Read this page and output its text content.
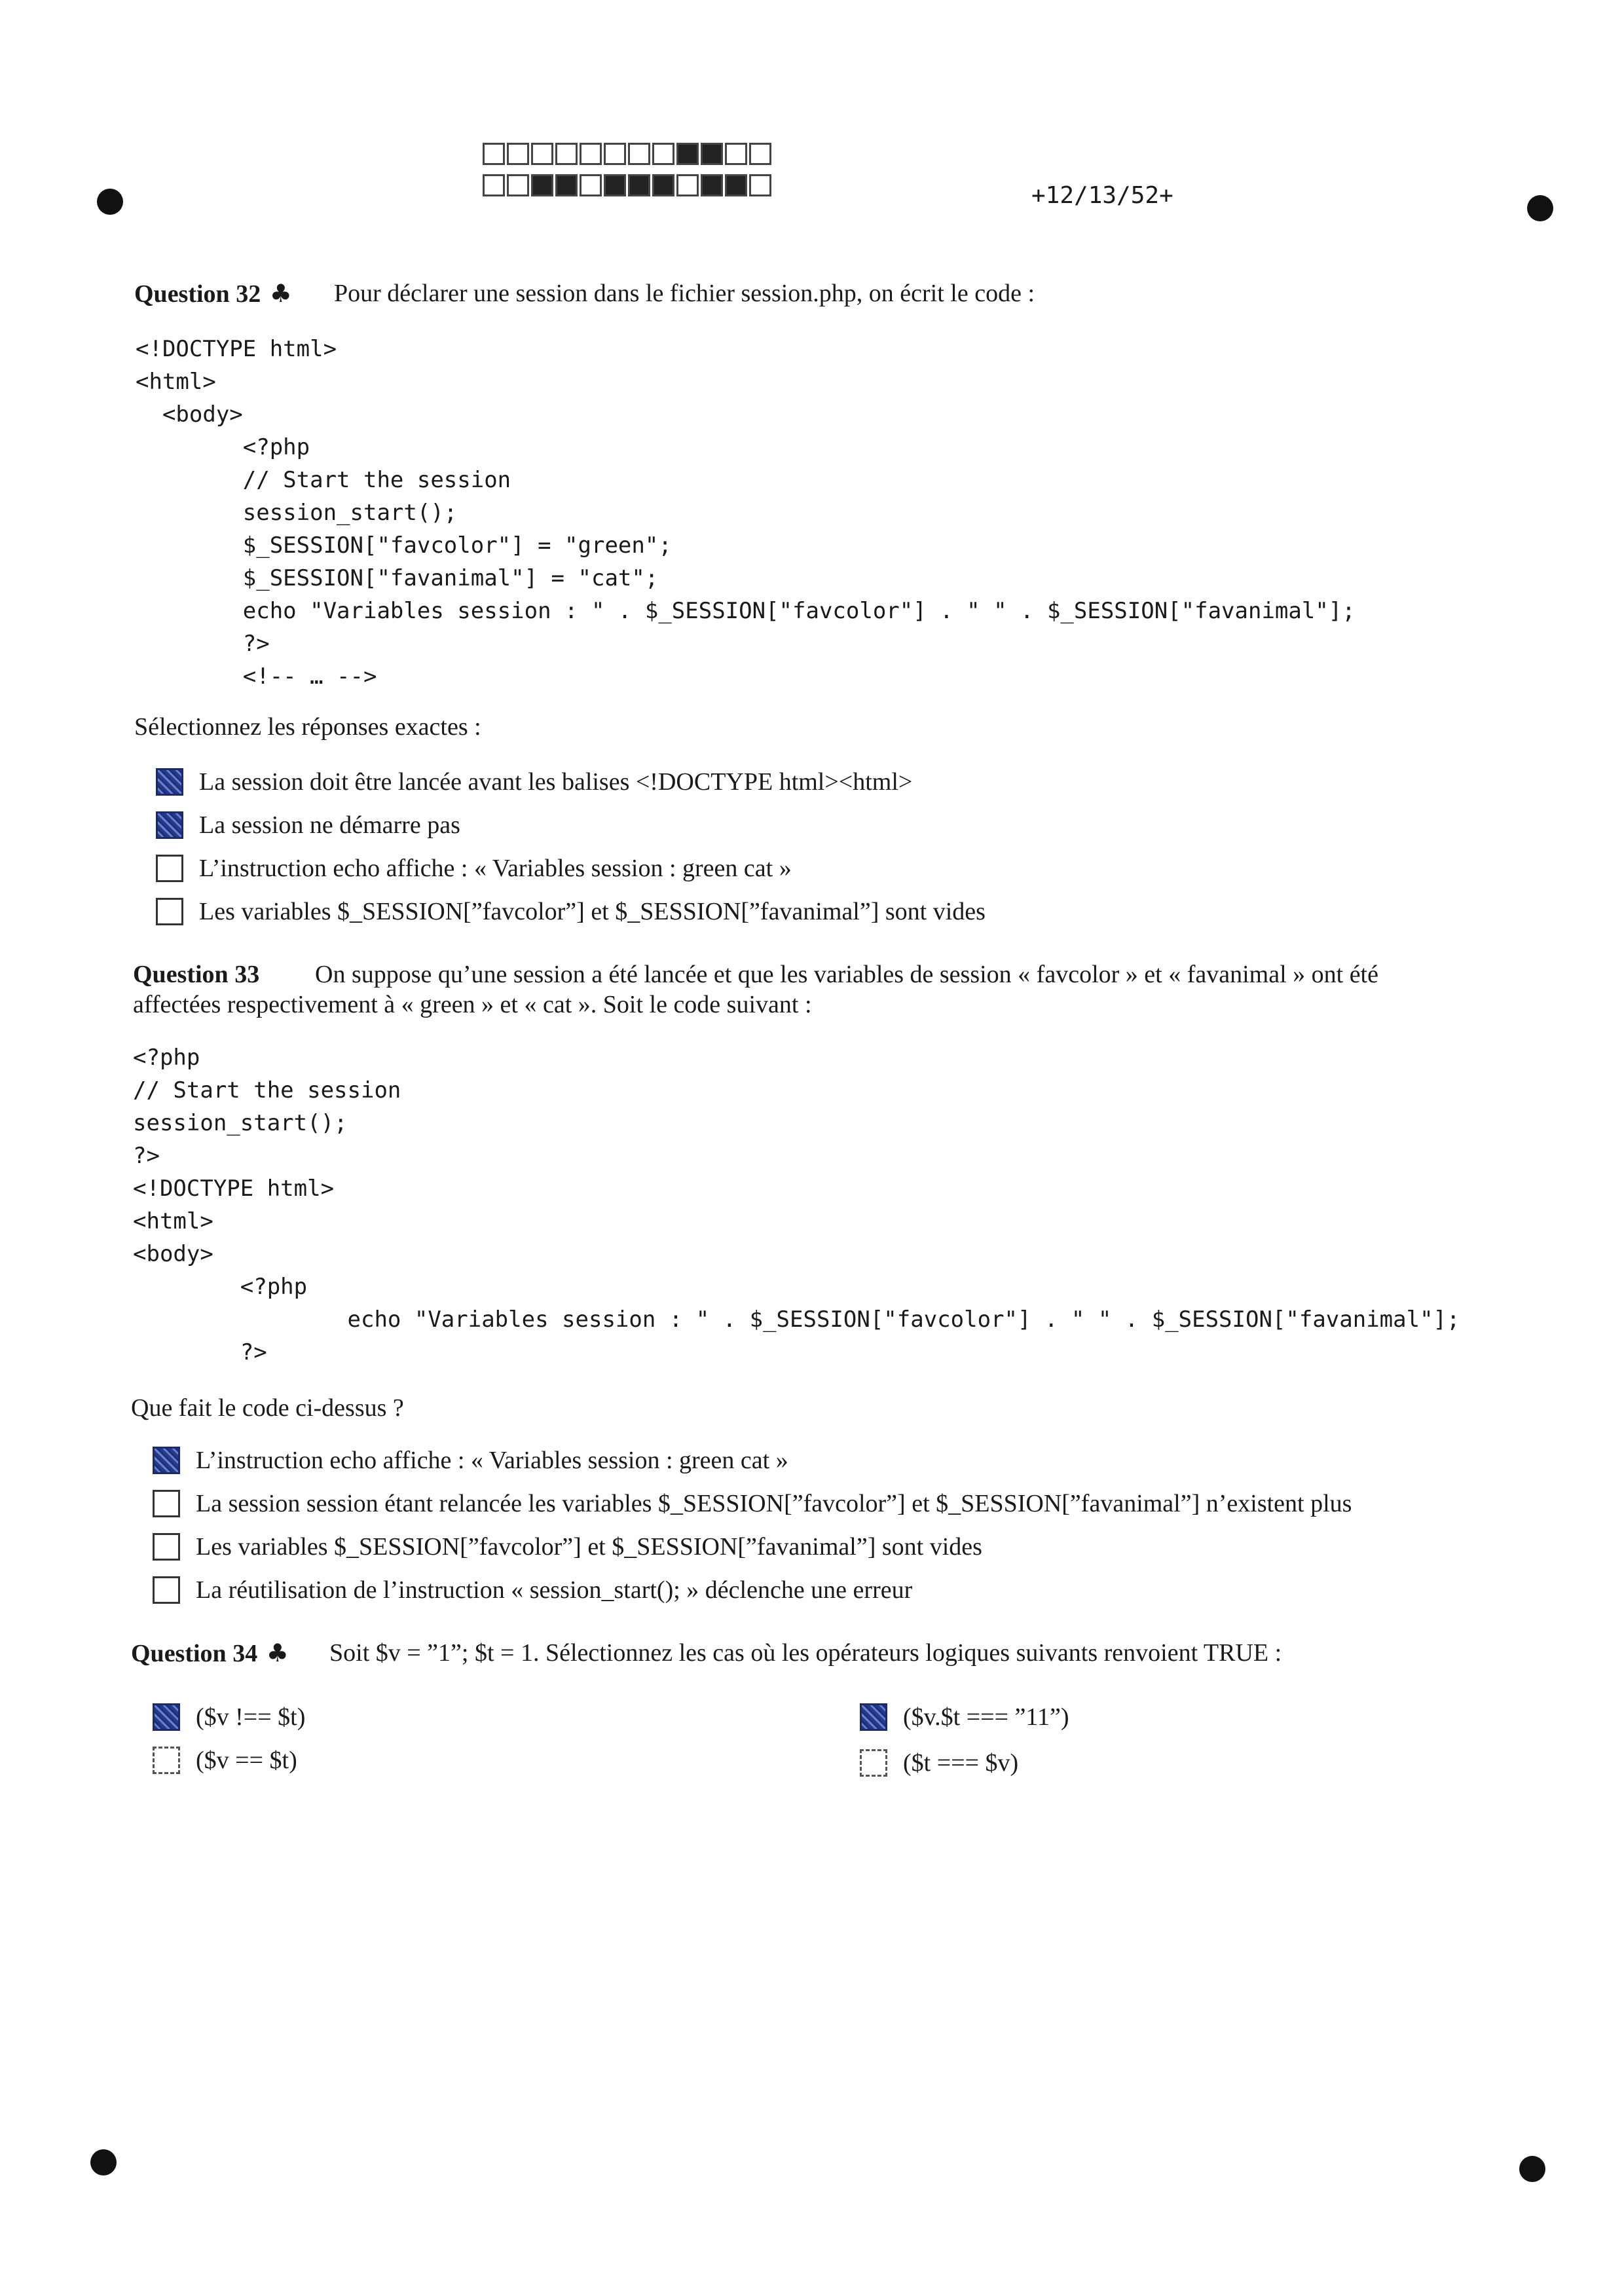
+12/13/52+
Question 32 ♣ Pour déclarer une session dans le fichier session.php, on écrit le code :
<!DOCTYPE html>
<html>
<body>
<?php
// Start the session
session_start();
$_SESSION["favcolor"] = "green";
$_SESSION["favanimal"] = "cat";
echo "Variables session : " . $_SESSION["favcolor"] . " " . $_SESSION["favanimal"];
?>
<!-- … -->
Sélectionnez les réponses exactes :
La session doit être lancée avant les balises <!DOCTYPE html><html>
La session ne démarre pas
L’instruction echo affiche : « Variables session : green cat »
Les variables $_SESSION[”favcolor”] et $_SESSION[”favanimal”] sont vides
Question 33 On suppose qu’une session a été lancée et que les variables de session « favcolor » et « favanimal » ont été
affectées respectivement à « green » et « cat ». Soit le code suivant :
<?php
// Start the session
session_start();
?>
<!DOCTYPE html>
<html>
<body>
<?php
echo "Variables session : " . $_SESSION["favcolor"] . " " . $_SESSION["favanimal"];
?>
Que fait le code ci-dessus ?
L’instruction echo affiche : « Variables session : green cat »
La session session étant relancée les variables $_SESSION[”favcolor”] et $_SESSION[”favanimal”] n’existent plus
Les variables $_SESSION[”favcolor”] et $_SESSION[”favanimal”] sont vides
La réutilisation de l’instruction « session_start(); » déclenche une erreur
Question 34 ♣ Soit $v = ”1”; $t = 1. Sélectionnez les cas où les opérateurs logiques suivants renvoient TRUE :
($v !== $t)	($v.$t === ”11”)
($v == $t)	($t === $v)
